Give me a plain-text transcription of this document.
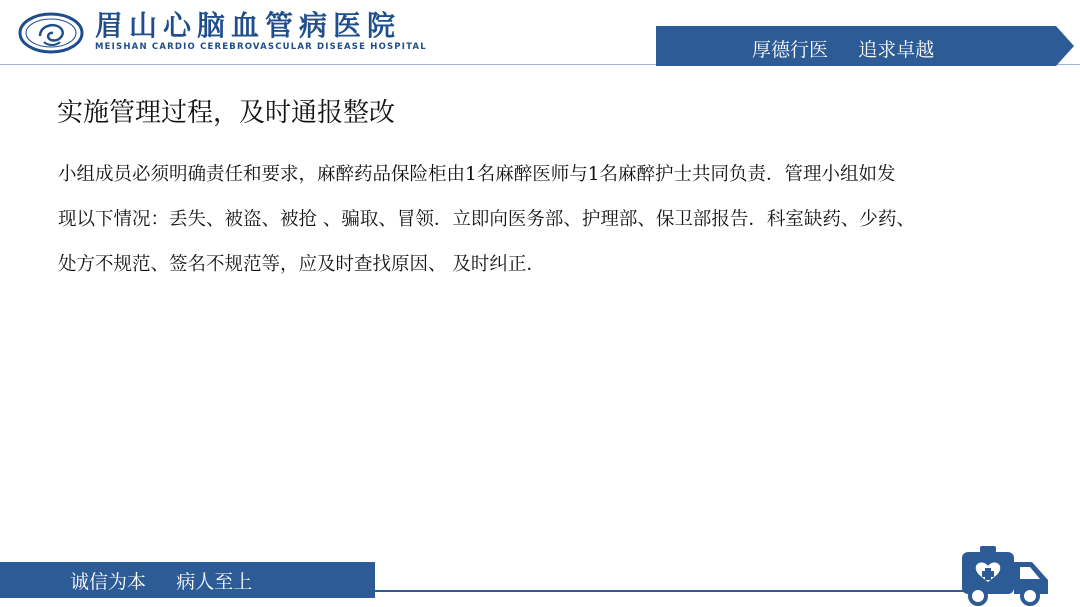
眉山心脑血管病医院
MEISHAN CARDIO CEREBROVASCULAR DISEASE HOSPITAL	厚德行医     追求卓越
实施管理过程，及时通报整改

小组成员必须明确责任和要求，麻醉药品保险柜由1名麻醉医师与1名麻醉护士共同负责．管理小组如发

现以下情况：丢失、被盗、被抢 、骗取、冒领．立即向医务部、护理部、保卫部报告．科室缺药、少药、

处方不规范、签名不规范等，应及时查找原因、 及时纠正．

诚信为本     病人至上
